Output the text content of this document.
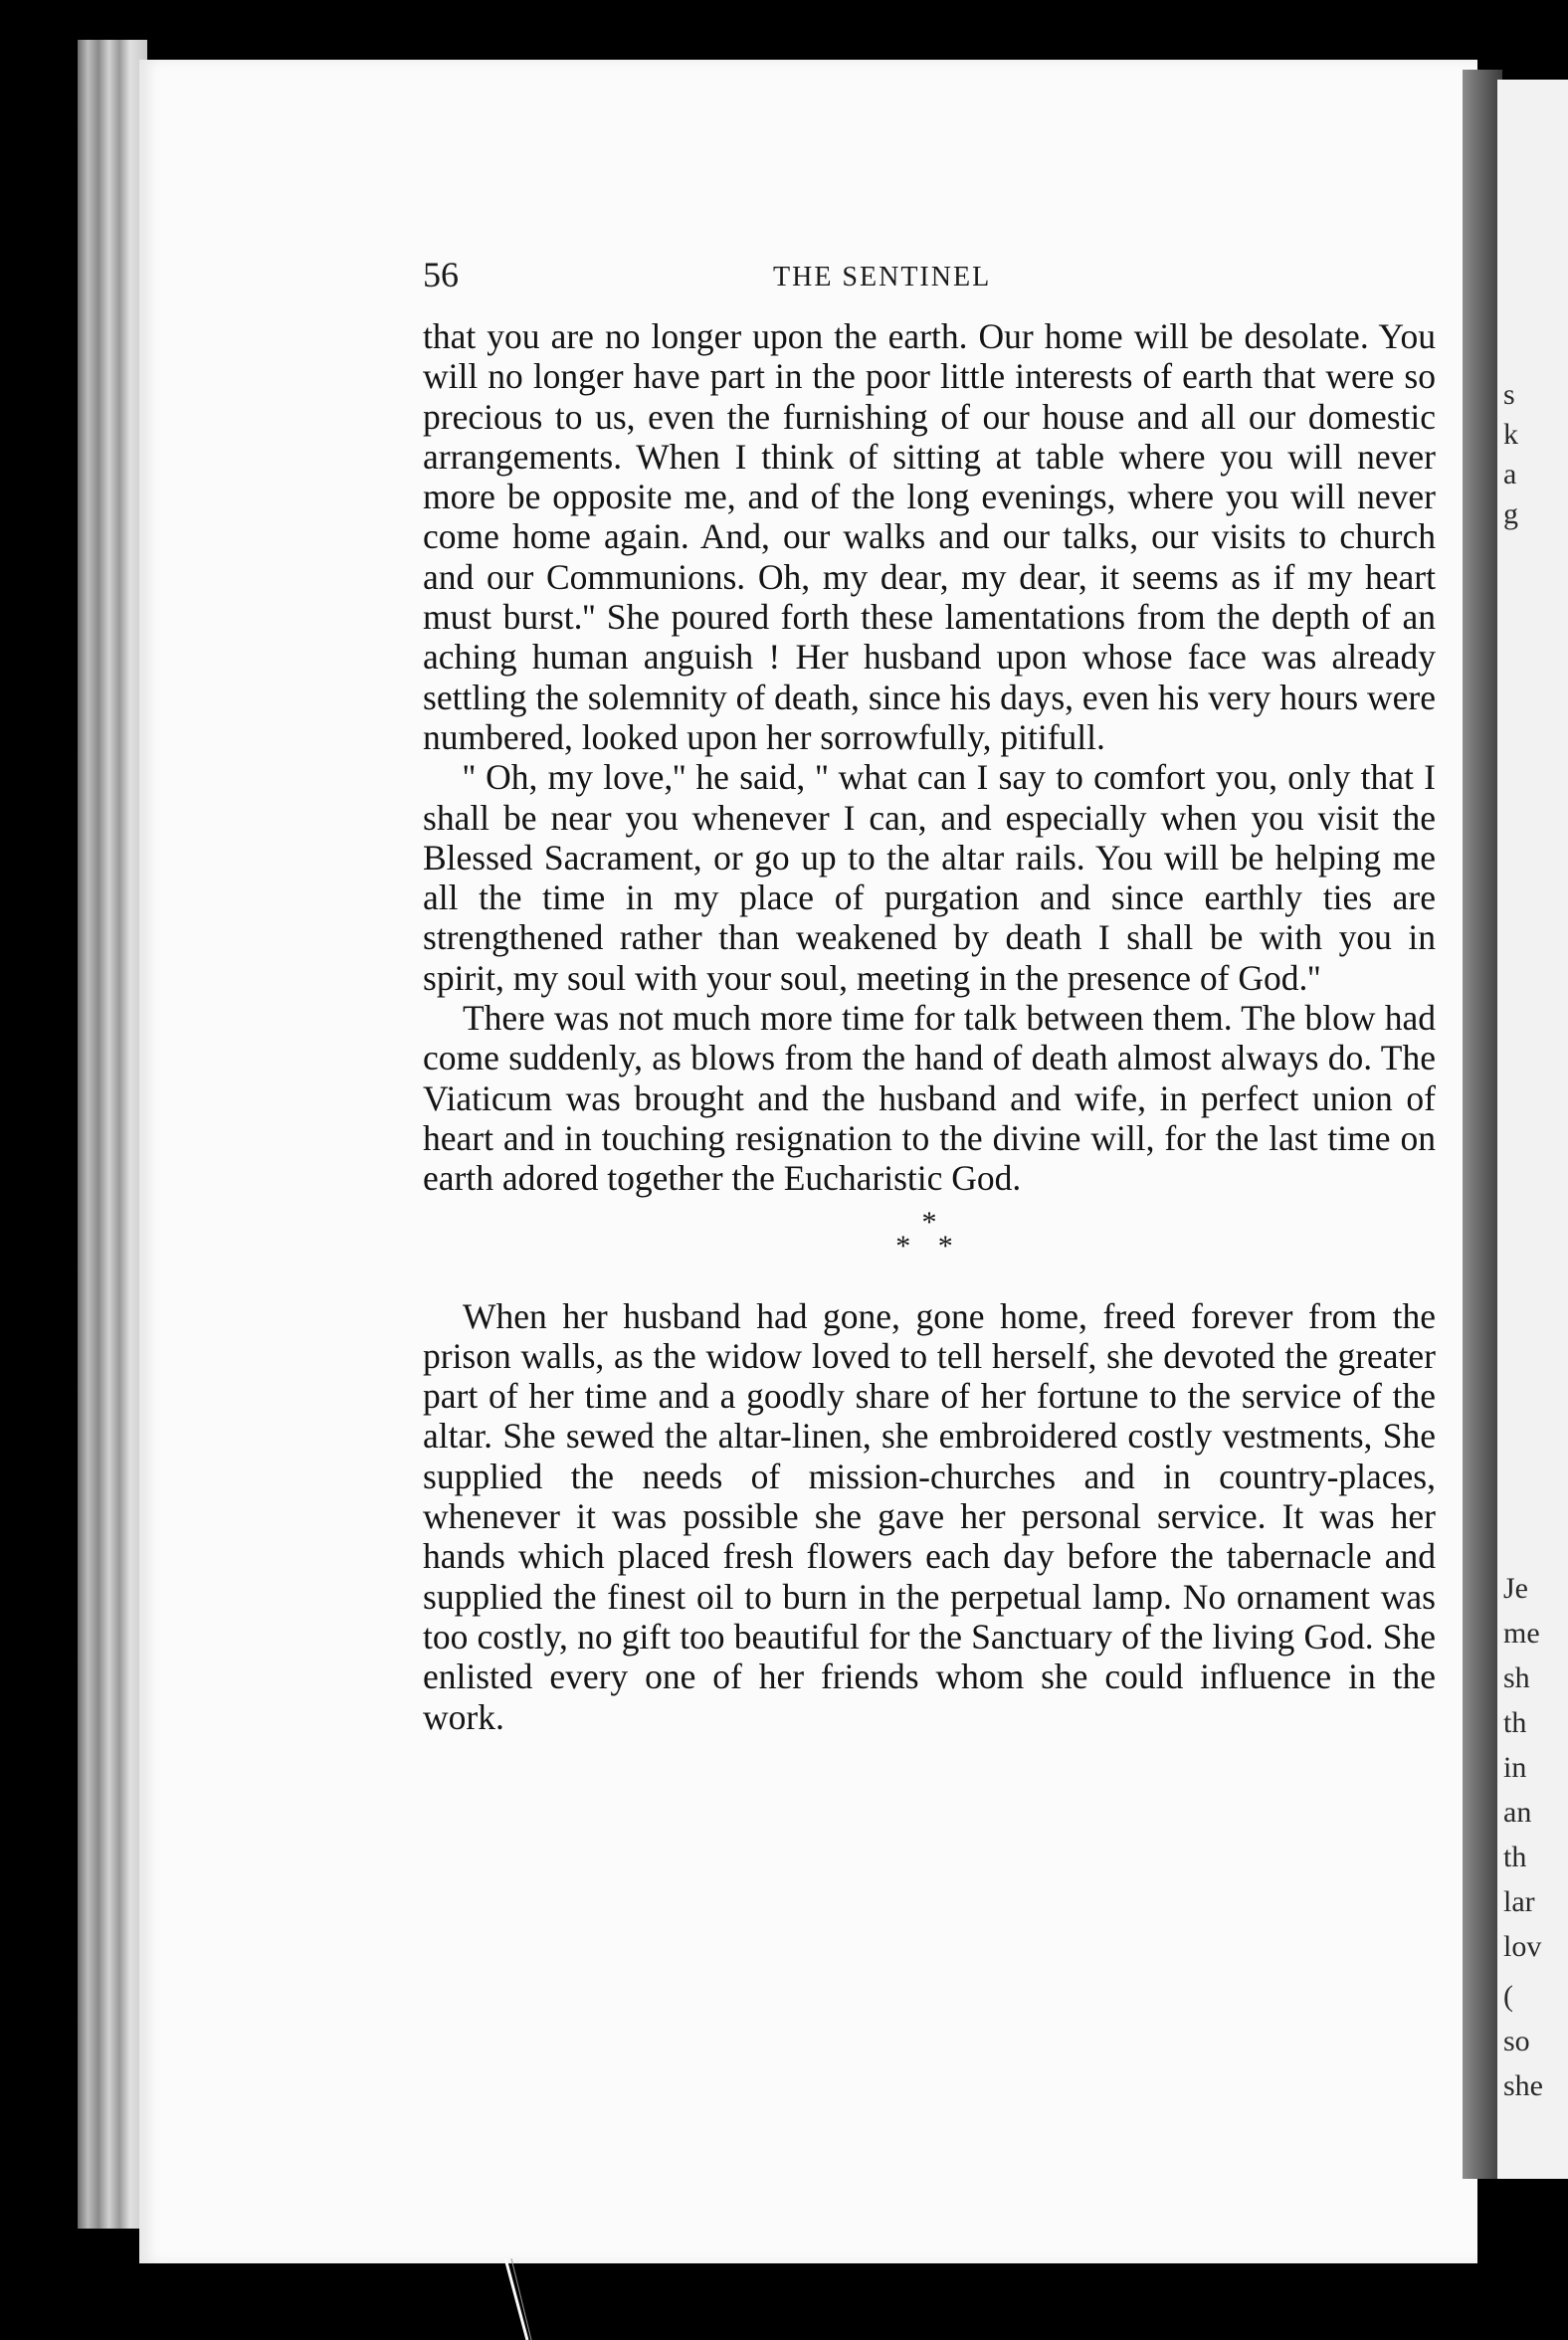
s
k
a
g
Je
me
sh
th
in
an
th
lar
lov
(
so
she
56	THE SENTINEL

that you are no longer upon the earth. Our home will be desolate. You will no longer have part in the poor little interests of earth that were so precious to us, even the furnishing of our house and all our domestic arrangements. When I think of sitting at table where you will never more be opposite me, and of the long evenings, where you will never come home again. And, our walks and our talks, our visits to church and our Communions. Oh, my dear, my dear, it seems as if my heart must burst.'' She poured forth these lamentations from the depth of an aching human anguish ! Her husband upon whose face was already settling the solemnity of death, since his days, even his very hours were numbered, looked upon her sorrowfully, pitifull.

'' Oh, my love,'' he said, '' what can I say to comfort you, only that I shall be near you whenever I can, and especially when you visit the Blessed Sacrament, or go up to the altar rails. You will be helping me all the time in my place of purgation and since earthly ties are strengthened rather than weakened by death I shall be with you in spirit, my soul with your soul, meeting in the presence of God.''

There was not much more time for talk between them. The blow had come suddenly, as blows from the hand of death almost always do. The Viaticum was brought and the husband and wife, in perfect union of heart and in touching resignation to the divine will, for the last time on earth adored together the Eucharistic God.

*
* *

When her husband had gone, gone home, freed forever from the prison walls, as the widow loved to tell herself, she devoted the greater part of her time and a goodly share of her fortune to the service of the altar. She sewed the altar-linen, she embroidered costly vestments, She supplied the needs of mission-churches and in country-places, whenever it was possible she gave her personal service. It was her hands which placed fresh flowers each day before the tabernacle and supplied the finest oil to burn in the perpetual lamp. No ornament was too costly, no gift too beautiful for the Sanctuary of the living God. She enlisted every one of her friends whom she could influence in the work.
